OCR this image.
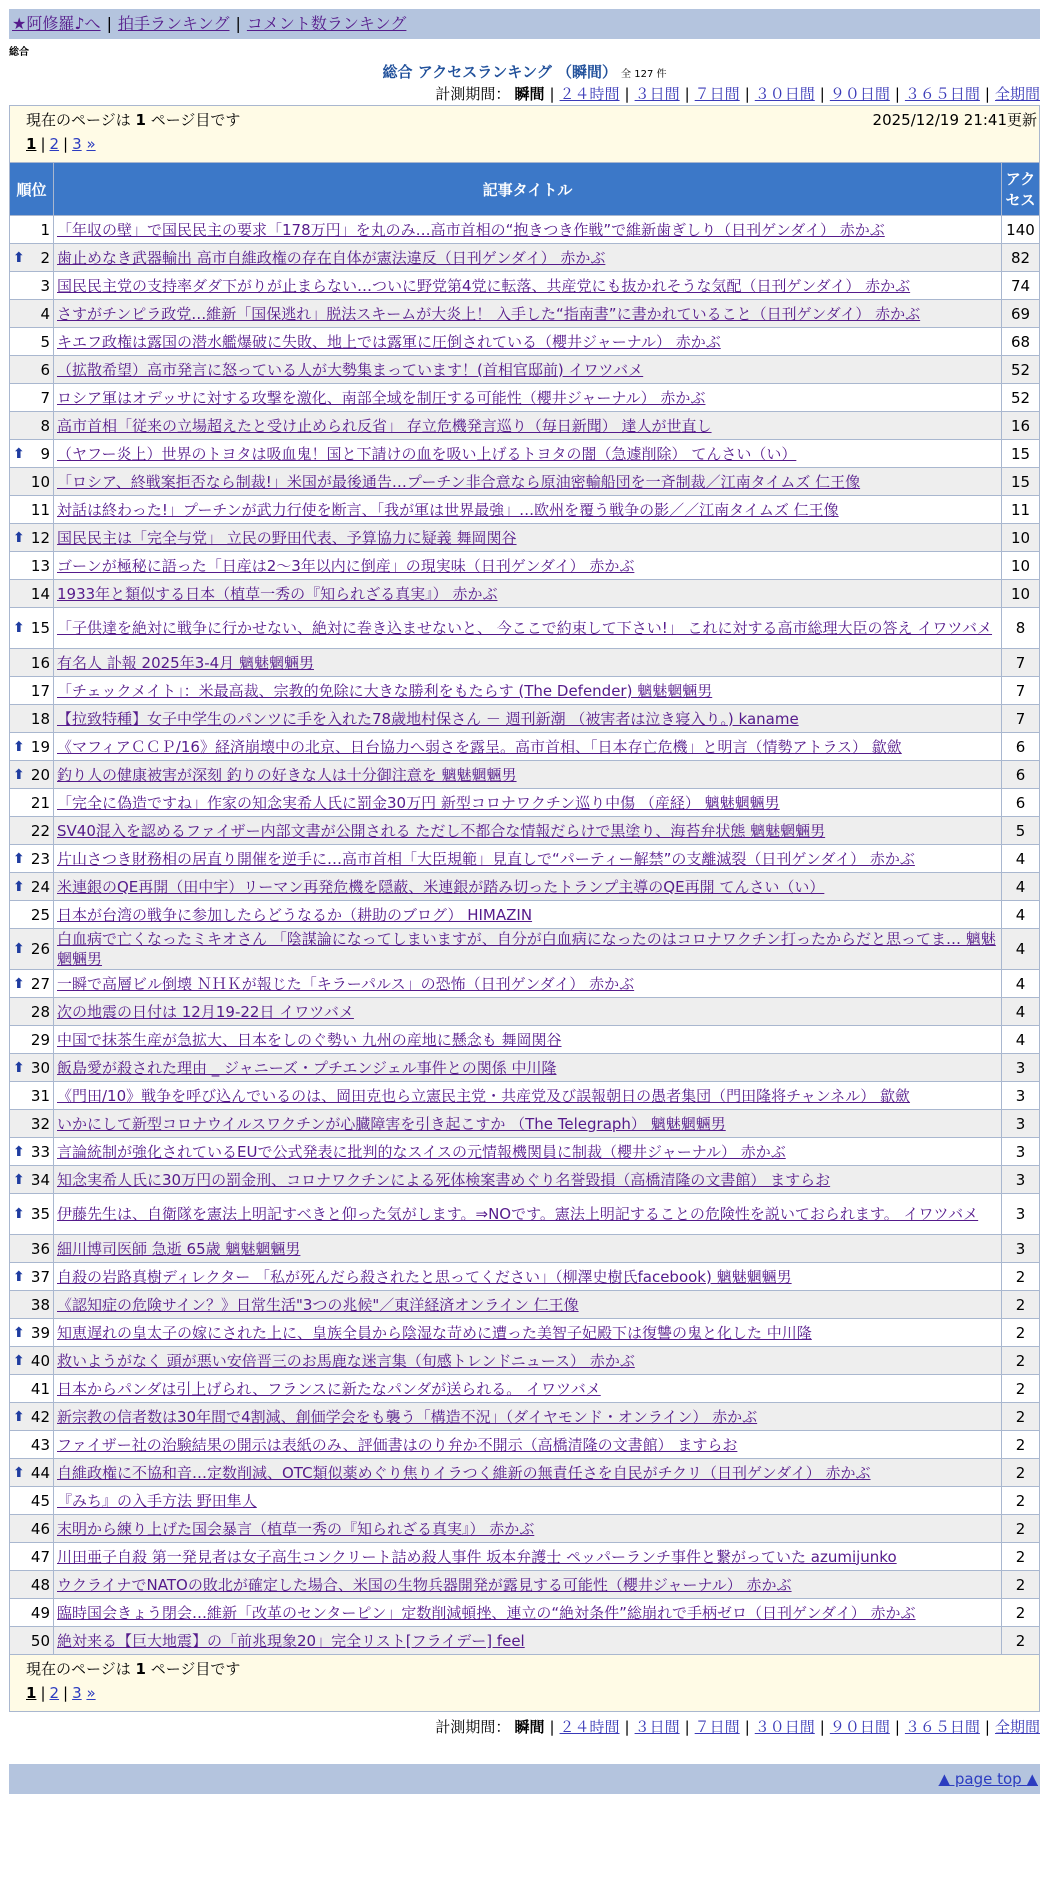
★阿修羅♪へ | 拍手ランキング | コメント数ランキング
総合
総合 アクセスランキング （瞬間） 全 127 件
計測期間： 瞬間 | ２４時間 | ３日間 | ７日間 | ３０日間 | ９０日間 | ３６５日間 | 全期間
現在のページは 1 ページ目です	2025/12/19 21:41更新
1 | 2 | 3 »
順位	記事タイトル	アクセス
1	「年収の壁」で国民民主の要求「178万円」を丸のみ…高市首相の“抱きつき作戦”で維新歯ぎしり（日刊ゲンダイ） 赤かぶ	140

⬆ 2	歯止めなき武器輸出 高市自維政権の存在自体が憲法違反（日刊ゲンダイ） 赤かぶ	82
3	国民民主党の支持率ダダ下がりが止まらない…ついに野党第4党に転落、共産党にも抜かれそうな気配（日刊ゲンダイ） 赤かぶ	74
4	さすがチンピラ政党…維新「国保逃れ」脱法スキームが大炎上！ 入手した“指南書”に書かれていること（日刊ゲンダイ） 赤かぶ	69
5	キエフ政権は露国の潜水艦爆破に失敗、地上では露軍に圧倒されている（櫻井ジャーナル） 赤かぶ	68
6	（拡散希望）高市発言に怒っている人が大勢集まっています！(首相官邸前) イワツバメ	52
7	ロシア軍はオデッサに対する攻撃を激化、南部全域を制圧する可能性（櫻井ジャーナル） 赤かぶ	52
8	高市首相「従来の立場超えたと受け止められ反省」 存立危機発言巡り（毎日新聞） 達人が世直し	16

⬆ 9	（ヤフー炎上）世界のトヨタは吸血鬼！国と下請けの血を吸い上げるトヨタの闇（急遽削除） てんさい（い）	15
10	「ロシア、終戦案拒否なら制裁!」米国が最後通告…プーチン非合意なら原油密輸船団を一斉制裁／江南タイムズ 仁王像	15
11	対話は終わった!」プーチンが武力行使を断言、「我が軍は世界最強」…欧州を覆う戦争の影／／江南タイムズ 仁王像	11

⬆ 12	国民民主は「完全与党」 立民の野田代表、予算協力に疑義 舞岡関谷	10
13	ゴーンが極秘に語った「日産は2～3年以内に倒産」の現実味（日刊ゲンダイ） 赤かぶ	10
14	1933年と類似する日本（植草一秀の『知られざる真実』） 赤かぶ	10

⬆ 15	「子供達を絶対に戦争に行かせない、絶対に巻き込ませないと、 今ここで約束して下さい!」 これに対する高市総理大臣の答え イワツバメ	8
16	有名人 訃報 2025年3-4月 魑魅魍魎男	7
17	「チェックメイト」：米最高裁、宗教的免除に大きな勝利をもたらす (The Defender) 魑魅魍魎男	7
18	【拉致特種】女子中学生のパンツに手を入れた78歳地村保さん － 週刊新潮 （被害者は泣き寝入り。) kaname	7

⬆ 19	《マフィアＣＣＰ/16》経済崩壊中の北京、日台協力へ弱さを露呈。高市首相、「日本存亡危機」と明言（情勢アトラス） 歙歛	6

⬆ 20	釣り人の健康被害が深刻 釣りの好きな人は十分御注意を 魑魅魍魎男	6
21	「完全に偽造ですね」作家の知念実希人氏に罰金30万円 新型コロナワクチン巡り中傷 （産経） 魑魅魍魎男	6
22	SV40混入を認めるファイザー内部文書が公開される ただし不都合な情報だらけで黒塗り、海苔弁状態 魑魅魍魎男	5

⬆ 23	片山さつき財務相の居直り開催を逆手に…高市首相「大臣規範」見直しで“パーティー解禁”の支離滅裂（日刊ゲンダイ） 赤かぶ	4

⬆ 24	米連銀のQE再開（田中宇）リーマン再発危機を隠蔽、米連銀が踏み切ったトランプ主導のQE再開 てんさい（い）	4
25	日本が台湾の戦争に参加したらどうなるか（耕助のブログ） HIMAZIN	4

⬆ 26	白血病で亡くなったミキオさん 「陰謀論になってしまいますが、自分が白血病になったのはコロナワクチン打ったからだと思ってま… 魑魅魍魎男	4

⬆ 27	一瞬で高層ビル倒壊 ＮＨＫが報じた「キラーパルス」の恐怖（日刊ゲンダイ） 赤かぶ	4
28	次の地震の日付は 12月19-22日 イワツバメ	4
29	中国で抹茶生産が急拡大、日本をしのぐ勢い 九州の産地に懸念も 舞岡関谷	4

⬆ 30	飯島愛が殺された理由 _ ジャニーズ・プチエンジェル事件との関係 中川隆	3
31	《門田/10》戦争を呼び込んでいるのは、岡田克也ら立憲民主党・共産党及び誤報朝日の愚者集団（門田隆将チャンネル） 歙歛	3
32	いかにして新型コロナウイルスワクチンが心臓障害を引き起こすか （The Telegraph） 魑魅魍魎男	3

⬆ 33	言論統制が強化されているEUで公式発表に批判的なスイスの元情報機関員に制裁（櫻井ジャーナル） 赤かぶ	3

⬆ 34	知念実希人氏に30万円の罰金刑、コロナワクチンによる死体検案書めぐり名誉毀損（高橋清隆の文書館） ますらお	3

⬆ 35	伊藤先生は、自衛隊を憲法上明記すべきと仰った気がします。⇒NOです。憲法上明記することの危険性を説いておられます。 イワツバメ	3
36	細川博司医師 急逝 65歳 魑魅魍魎男	3

⬆ 37	自殺の岩路真樹ディレクター 「私が死んだら殺されたと思ってください」（柳澤史樹氏facebook) 魑魅魍魎男	2
38	《認知症の危険サイン？》日常生活"3つの兆候"／東洋経済オンライン 仁王像	2

⬆ 39	知恵遅れの皇太子の嫁にされた上に、皇族全員から陰湿な苛めに遭った美智子妃殿下は復讐の鬼と化した 中川隆	2

⬆ 40	救いようがなく 頭が悪い安倍晋三のお馬鹿な迷言集（旬感トレンドニュース） 赤かぶ	2
41	日本からパンダは引上げられ、フランスに新たなパンダが送られる。 イワツバメ	2

⬆ 42	新宗教の信者数は30年間で4割減、創価学会をも襲う「構造不況」（ダイヤモンド・オンライン） 赤かぶ	2
43	ファイザー社の治験結果の開示は表紙のみ、評価書はのり弁か不開示（高橋清隆の文書館） ますらお	2

⬆ 44	自維政権に不協和音…定数削減、OTC類似薬めぐり焦りイラつく維新の無責任さを自民がチクリ（日刊ゲンダイ） 赤かぶ	2
45	『みち』の入手方法 野田隼人	2
46	末明から練り上げた国会暴言（植草一秀の『知られざる真実』） 赤かぶ	2
47	川田亜子自殺 第一発見者は女子高生コンクリート詰め殺人事件 坂本弁護士 ペッパーランチ事件と繋がっていた azumijunko	2
48	ウクライナでNATOの敗北が確定した場合、米国の生物兵器開発が露見する可能性（櫻井ジャーナル） 赤かぶ	2
49	臨時国会きょう閉会…維新「改革のセンターピン」定数削減頓挫、連立の“絶対条件”総崩れで手柄ゼロ（日刊ゲンダイ） 赤かぶ	2
50	絶対来る【巨大地震】の「前兆現象20」完全リスト[フライデー] feel	2
現在のページは 1 ページ目です
1 | 2 | 3 »
計測期間： 瞬間 | ２４時間 | ３日間 | ７日間 | ３０日間 | ９０日間 | ３６５日間 | 全期間
▲ page top ▲
